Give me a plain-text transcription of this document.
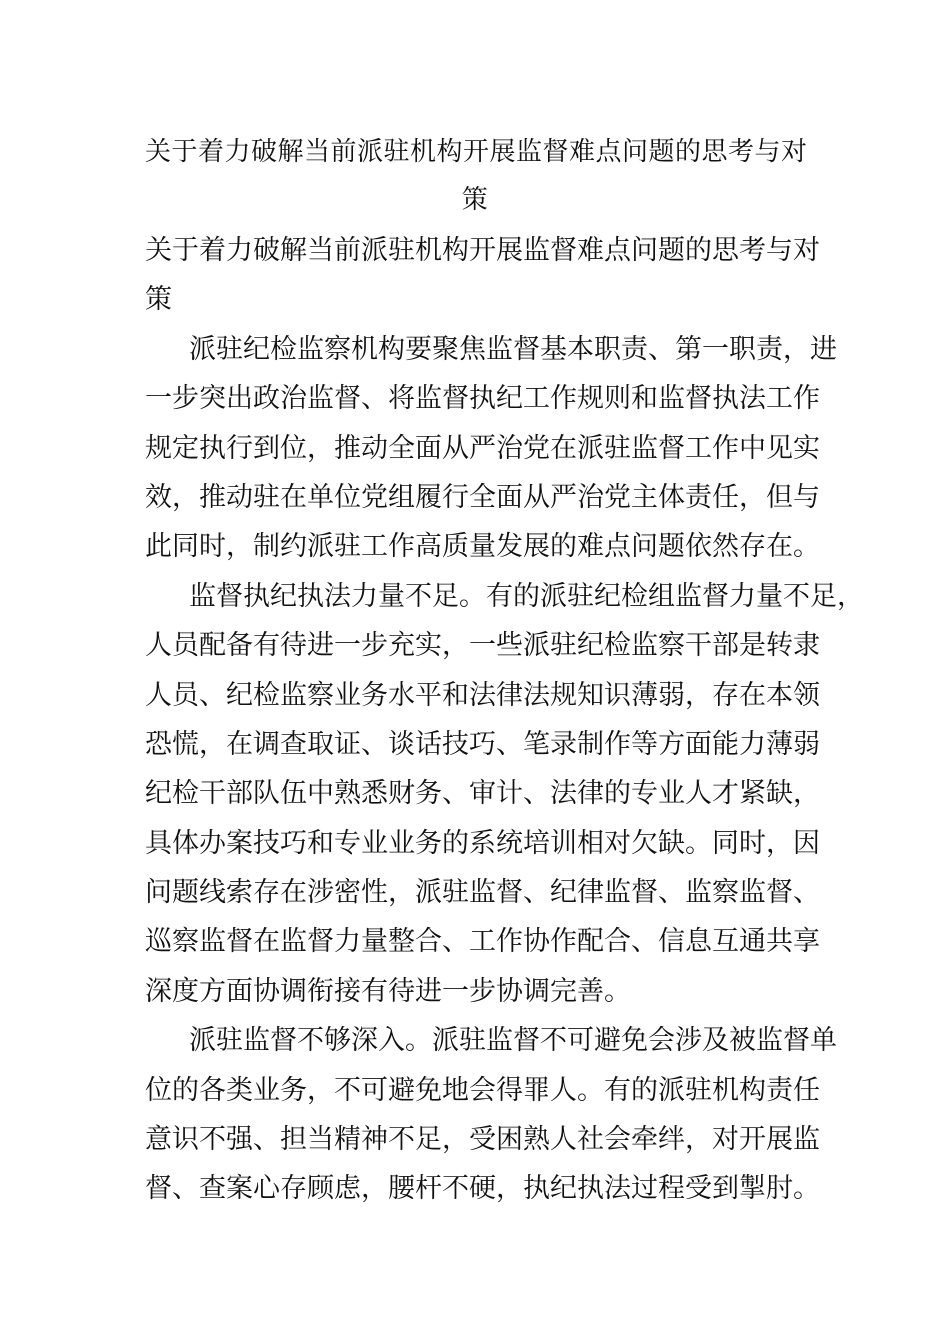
关于着力破解当前派驻机构开展监督难点问题的思考与对
策
关于着力破解当前派驻机构开展监督难点问题的思考与对
策
派驻纪检监察机构要聚焦监督基本职责、第一职责，进
一步突出政治监督、将监督执纪工作规则和监督执法工作
规定执行到位，推动全面从严治党在派驻监督工作中见实
效，推动驻在单位党组履行全面从严治党主体责任，但与
此同时，制约派驻工作高质量发展的难点问题依然存在。
监督执纪执法力量不足。有的派驻纪检组监督力量不足，
人员配备有待进一步充实，一些派驻纪检监察干部是转隶
人员、纪检监察业务水平和法律法规知识薄弱，存在本领
恐慌，在调查取证、谈话技巧、笔录制作等方面能力薄弱
纪检干部队伍中熟悉财务、审计、法律的专业人才紧缺，
具体办案技巧和专业业务的系统培训相对欠缺。同时，因
问题线索存在涉密性，派驻监督、纪律监督、监察监督、
巡察监督在监督力量整合、工作协作配合、信息互通共享
深度方面协调衔接有待进一步协调完善。
派驻监督不够深入。派驻监督不可避免会涉及被监督单
位的各类业务，不可避免地会得罪人。有的派驻机构责任
意识不强、担当精神不足，受困熟人社会牵绊，对开展监
督、查案心存顾虑，腰杆不硬，执纪执法过程受到掣肘。
